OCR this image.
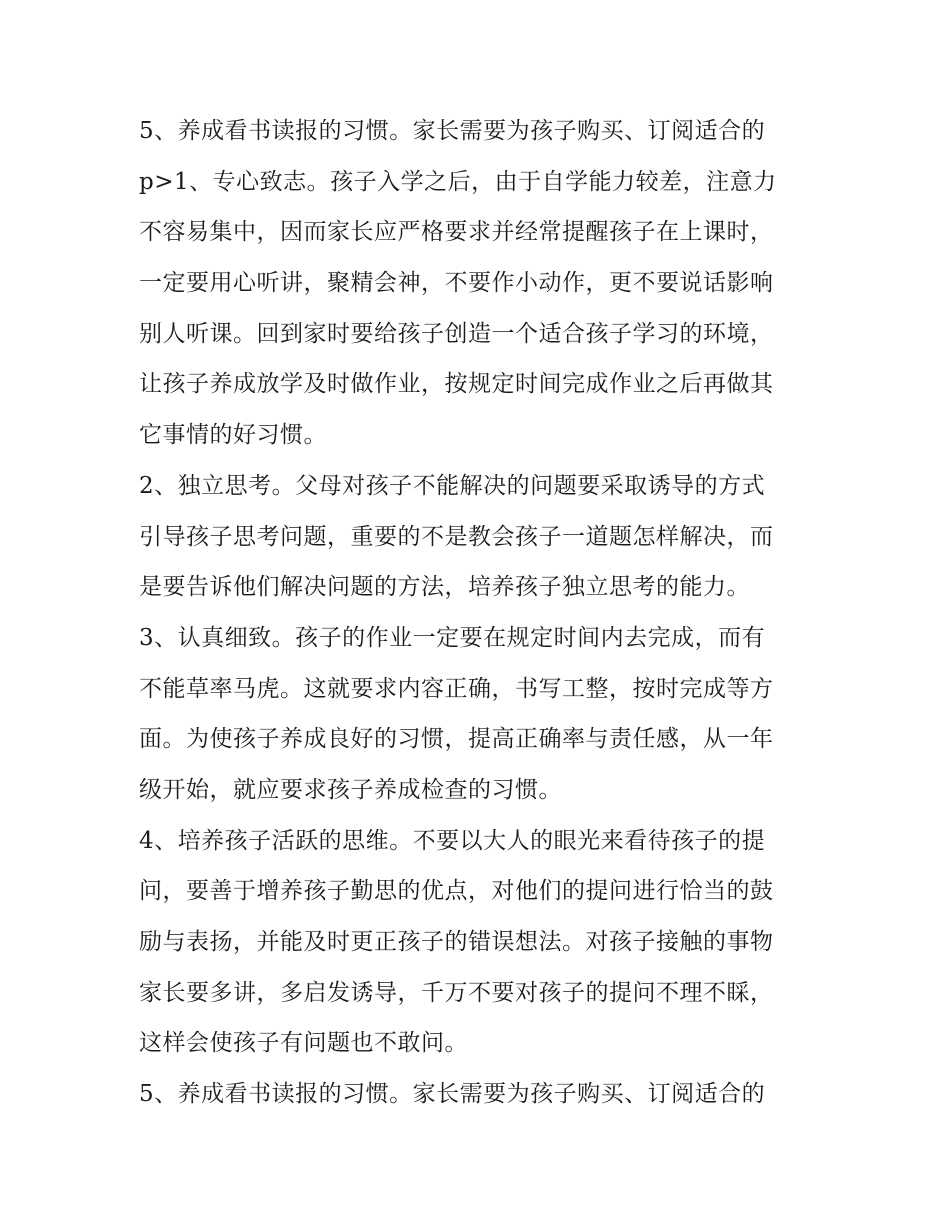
5、养成看书读报的习惯。家长需要为孩子购买、订阅适合的
p>1、专心致志。孩子入学之后，由于自学能力较差，注意力
不容易集中，因而家长应严格要求并经常提醒孩子在上课时，
一定要用心听讲，聚精会神，不要作小动作，更不要说话影响
别人听课。回到家时要给孩子创造一个适合孩子学习的环境，
让孩子养成放学及时做作业，按规定时间完成作业之后再做其
它事情的好习惯。
2、独立思考。父母对孩子不能解决的问题要采取诱导的方式
引导孩子思考问题，重要的不是教会孩子一道题怎样解决，而
是要告诉他们解决问题的方法，培养孩子独立思考的能力。
3、认真细致。孩子的作业一定要在规定时间内去完成，而有
不能草率马虎。这就要求内容正确，书写工整，按时完成等方
面。为使孩子养成良好的习惯，提高正确率与责任感，从一年
级开始，就应要求孩子养成检查的习惯。
4、培养孩子活跃的思维。不要以大人的眼光来看待孩子的提
问，要善于增养孩子勤思的优点，对他们的提问进行恰当的鼓
励与表扬，并能及时更正孩子的错误想法。对孩子接触的事物
家长要多讲，多启发诱导，千万不要对孩子的提问不理不睬，
这样会使孩子有问题也不敢问。
5、养成看书读报的习惯。家长需要为孩子购买、订阅适合的
